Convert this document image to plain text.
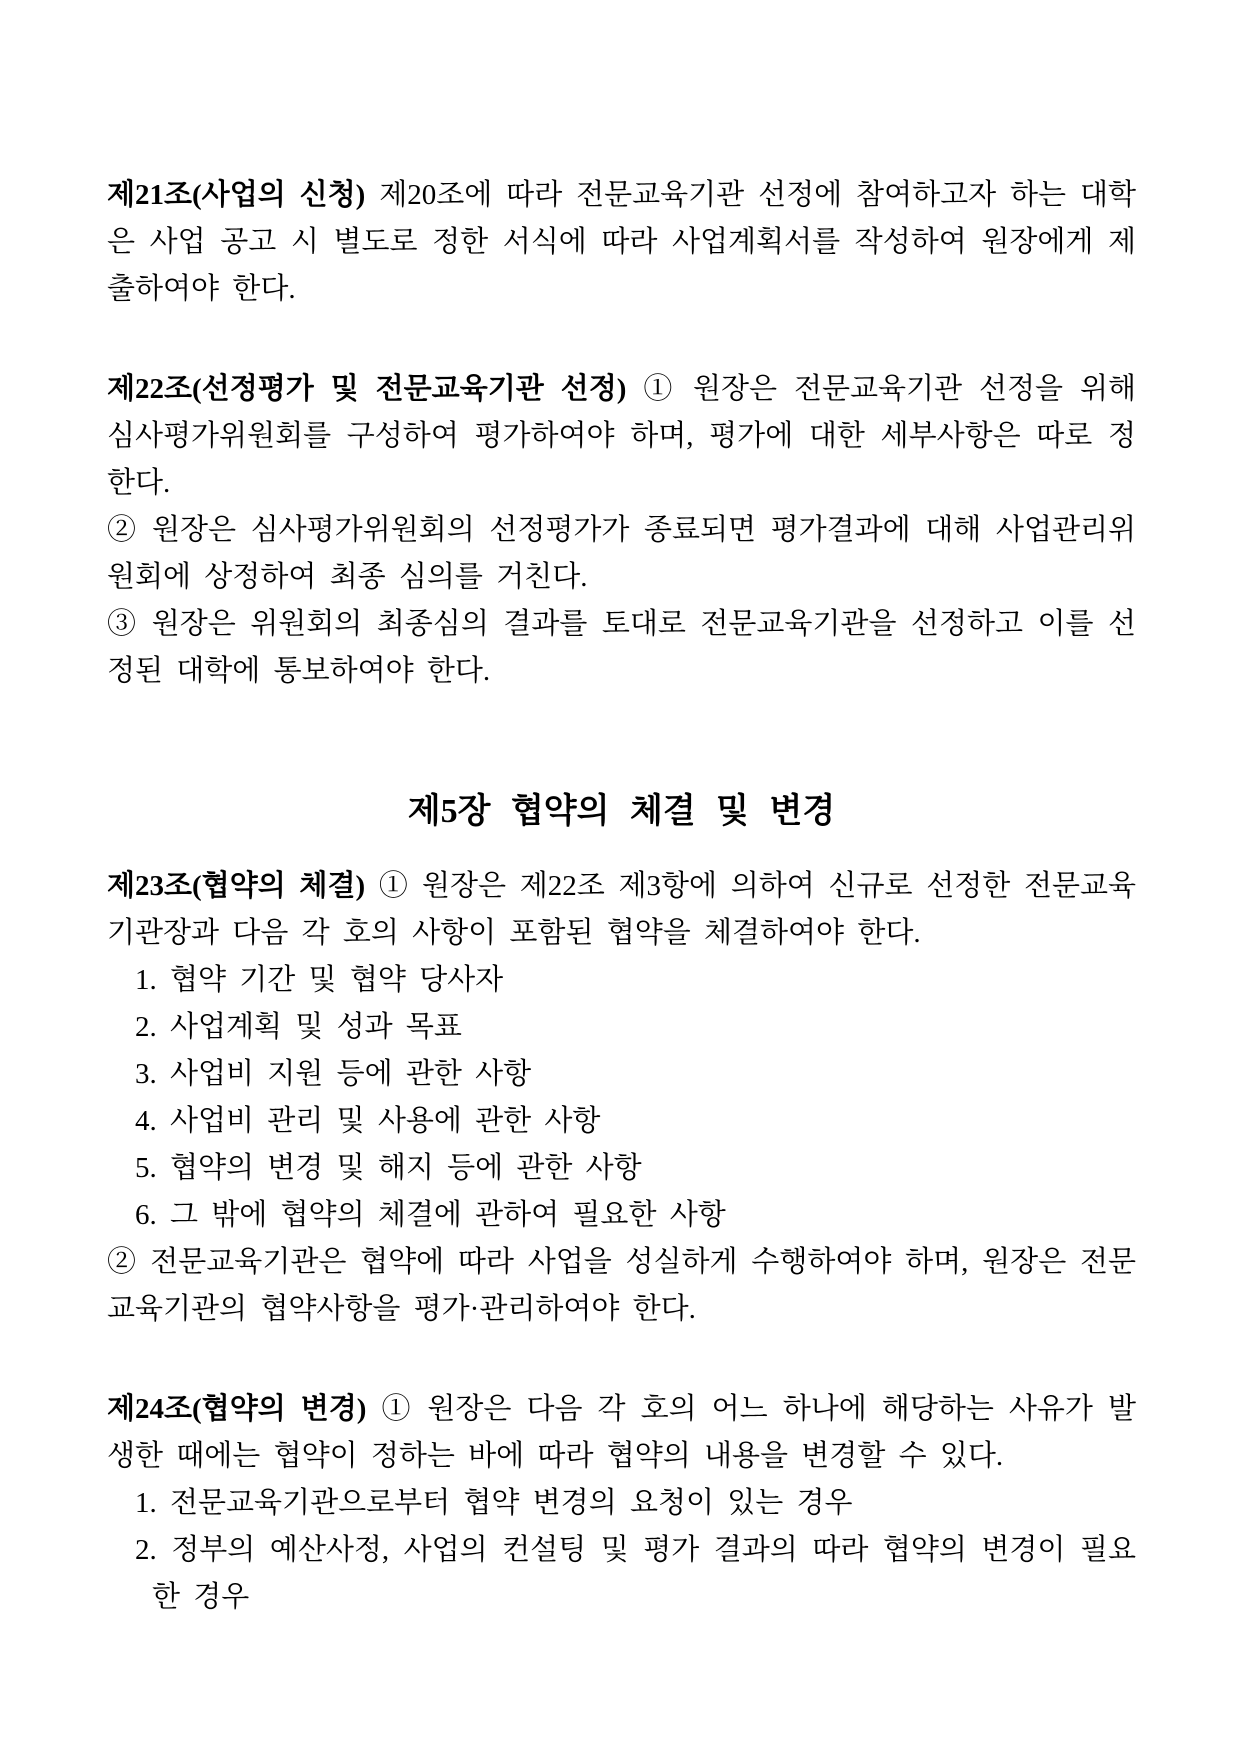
제21조(사업의 신청) 제20조에 따라 전문교육기관 선정에 참여하고자 하는 대학은 사업 공고 시 별도로 정한 서식에 따라 사업계획서를 작성하여 원장에게 제출하여야 한다.

제22조(선정평가 및 전문교육기관 선정) ① 원장은 전문교육기관 선정을 위해 심사평가위원회를 구성하여 평가하여야 하며, 평가에 대한 세부사항은 따로 정한다.

② 원장은 심사평가위원회의 선정평가가 종료되면 평가결과에 대해 사업관리위원회에 상정하여 최종 심의를 거친다.

③ 원장은 위원회의 최종심의 결과를 토대로 전문교육기관을 선정하고 이를 선정된 대학에 통보하여야 한다.

제5장 협약의 체결 및 변경

제23조(협약의 체결) ① 원장은 제22조 제3항에 의하여 신규로 선정한 전문교육기관장과 다음 각 호의 사항이 포함된 협약을 체결하여야 한다.

1. 협약 기간 및 협약 당사자

2. 사업계획 및 성과 목표

3. 사업비 지원 등에 관한 사항

4. 사업비 관리 및 사용에 관한 사항

5. 협약의 변경 및 해지 등에 관한 사항

6. 그 밖에 협약의 체결에 관하여 필요한 사항

② 전문교육기관은 협약에 따라 사업을 성실하게 수행하여야 하며, 원장은 전문교육기관의 협약사항을 평가·관리하여야 한다.

제24조(협약의 변경) ① 원장은 다음 각 호의 어느 하나에 해당하는 사유가 발생한 때에는 협약이 정하는 바에 따라 협약의 내용을 변경할 수 있다.

1. 전문교육기관으로부터 협약 변경의 요청이 있는 경우

2. 정부의 예산사정, 사업의 컨설팅 및 평가 결과의 따라 협약의 변경이 필요한 경우
